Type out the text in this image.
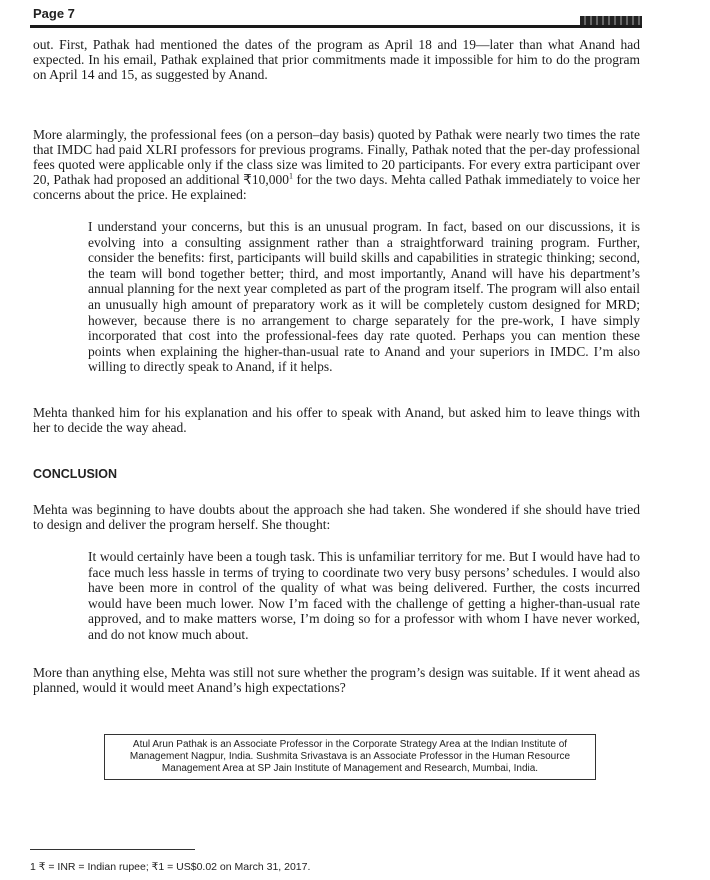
Page 7

out. First, Pathak had mentioned the dates of the program as April 18 and 19—later than what Anand had expected. In his email, Pathak explained that prior commitments made it impossible for him to do the program on April 14 and 15, as suggested by Anand.

More alarmingly, the professional fees (on a person–day basis) quoted by Pathak were nearly two times the rate that IMDC had paid XLRI professors for previous programs. Finally, Pathak noted that the per-day professional fees quoted were applicable only if the class size was limited to 20 participants. For every extra participant over 20, Pathak had proposed an additional ₹10,000$^1$ for the two days. Mehta called Pathak immediately to voice her concerns about the price. He explained:

I understand your concerns, but this is an unusual program. In fact, based on our discussions, it is evolving into a consulting assignment rather than a straightforward training program. Further, consider the benefits: first, participants will build skills and capabilities in strategic thinking; second, the team will bond together better; third, and most importantly, Anand will have his department’s annual planning for the next year completed as part of the program itself. The program will also entail an unusually high amount of preparatory work as it will be completely custom designed for MRD; however, because there is no arrangement to charge separately for the pre-work, I have simply incorporated that cost into the professional-fees day rate quoted. Perhaps you can mention these points when explaining the higher-than-usual rate to Anand and your superiors in IMDC. I’m also willing to directly speak to Anand, if it helps.

Mehta thanked him for his explanation and his offer to speak with Anand, but asked him to leave things with her to decide the way ahead.

CONCLUSION

Mehta was beginning to have doubts about the approach she had taken. She wondered if she should have tried to design and deliver the program herself. She thought:

It would certainly have been a tough task. This is unfamiliar territory for me. But I would have had to face much less hassle in terms of trying to coordinate two very busy persons’ schedules. I would also have been more in control of the quality of what was being delivered. Further, the costs incurred would have been much lower. Now I’m faced with the challenge of getting a higher-than-usual rate approved, and to make matters worse, I’m doing so for a professor with whom I have never worked, and do not know much about.

More than anything else, Mehta was still not sure whether the program’s design was suitable. If it went ahead as planned, would it would meet Anand’s high expectations?

Atul Arun Pathak is an Associate Professor in the Corporate Strategy Area at the Indian Institute of Management Nagpur, India. Sushmita Srivastava is an Associate Professor in the Human Resource Management Area at SP Jain Institute of Management and Research, Mumbai, India.

1 ₹ = INR = Indian rupee; ₹1 = US$0.02 on March 31, 2017.
